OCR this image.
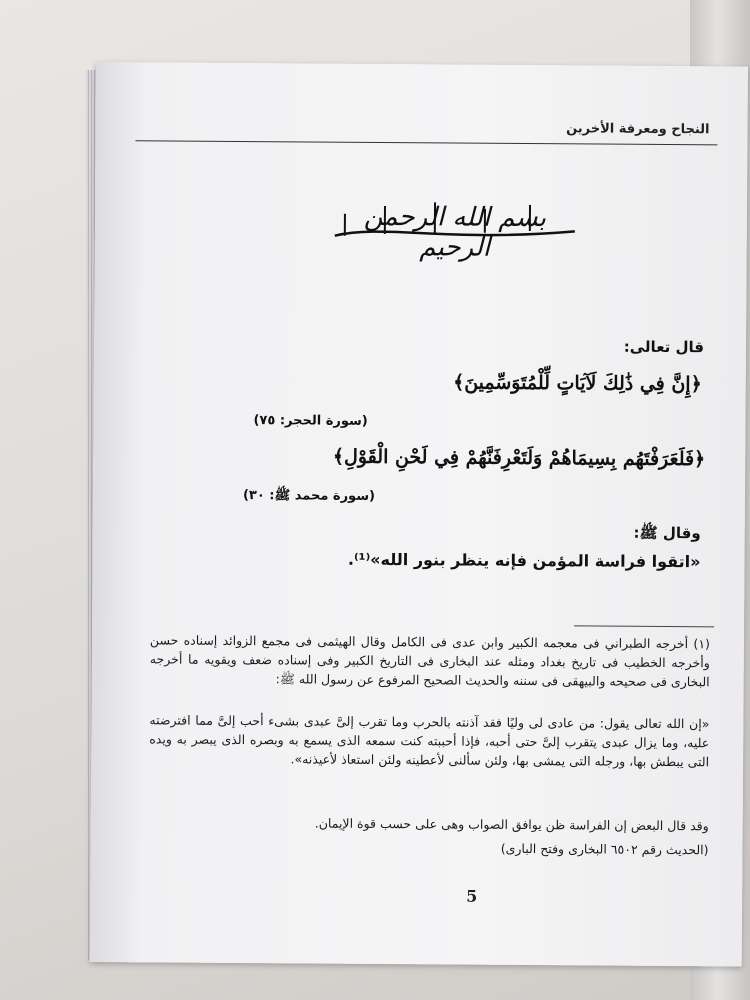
​
النجاح ومعرفة الأخرين
بسم الله الرحمن الرحيم
قال تعالى:
﴿إِنَّ فِي ذَٰلِكَ لَآيَاتٍ لِّلْمُتَوَسِّمِينَ﴾
(سورة الحجر: ٧٥)
﴿فَلَعَرَفْتَهُم بِسِيمَاهُمْ وَلَتَعْرِفَنَّهُمْ فِي لَحْنِ الْقَوْلِ﴾
(سورة محمد ﷺ: ٣٠)
وقال ﷺ:
«اتقوا فراسة المؤمن فإنه ينظر بنور الله»⁽¹⁾.
(١) أخرجه الطبراني فى معجمه الكبير وابن عدى فى الكامل وقال الهيثمى فى مجمع الزوائد إسناده حسن وأخرجه الخطيب فى تاريخ بغداد ومثله عند البخارى فى التاريخ الكبير وفى إسناده ضعف ويقويه ما أخرجه البخارى فى صحيحه والبيهقى فى سننه والحديث الصحيح المرفوع عن رسول الله ﷺ:
«إن الله تعالى يقول: من عادى لى وليًا فقد آذنته بالحرب وما تقرب إلىَّ عبدى بشىء أحب إلىَّ مما افترضته عليه، وما يزال عبدى يتقرب إلىَّ حتى أحبه، فإذا أحببته كنت سمعه الذى يسمع به وبصره الذى يبصر به ويده التى يبطش بها، ورجله التى يمشى بها، ولئن سألنى لأعطينه ولئن استعاذ لأعيذنه».
وقد قال البعض إن الفراسة ظن يوافق الصواب وهى على حسب قوة الإيمان.
(الحديث رقم ٦٥٠٢ البخارى وفتح البارى)
5
